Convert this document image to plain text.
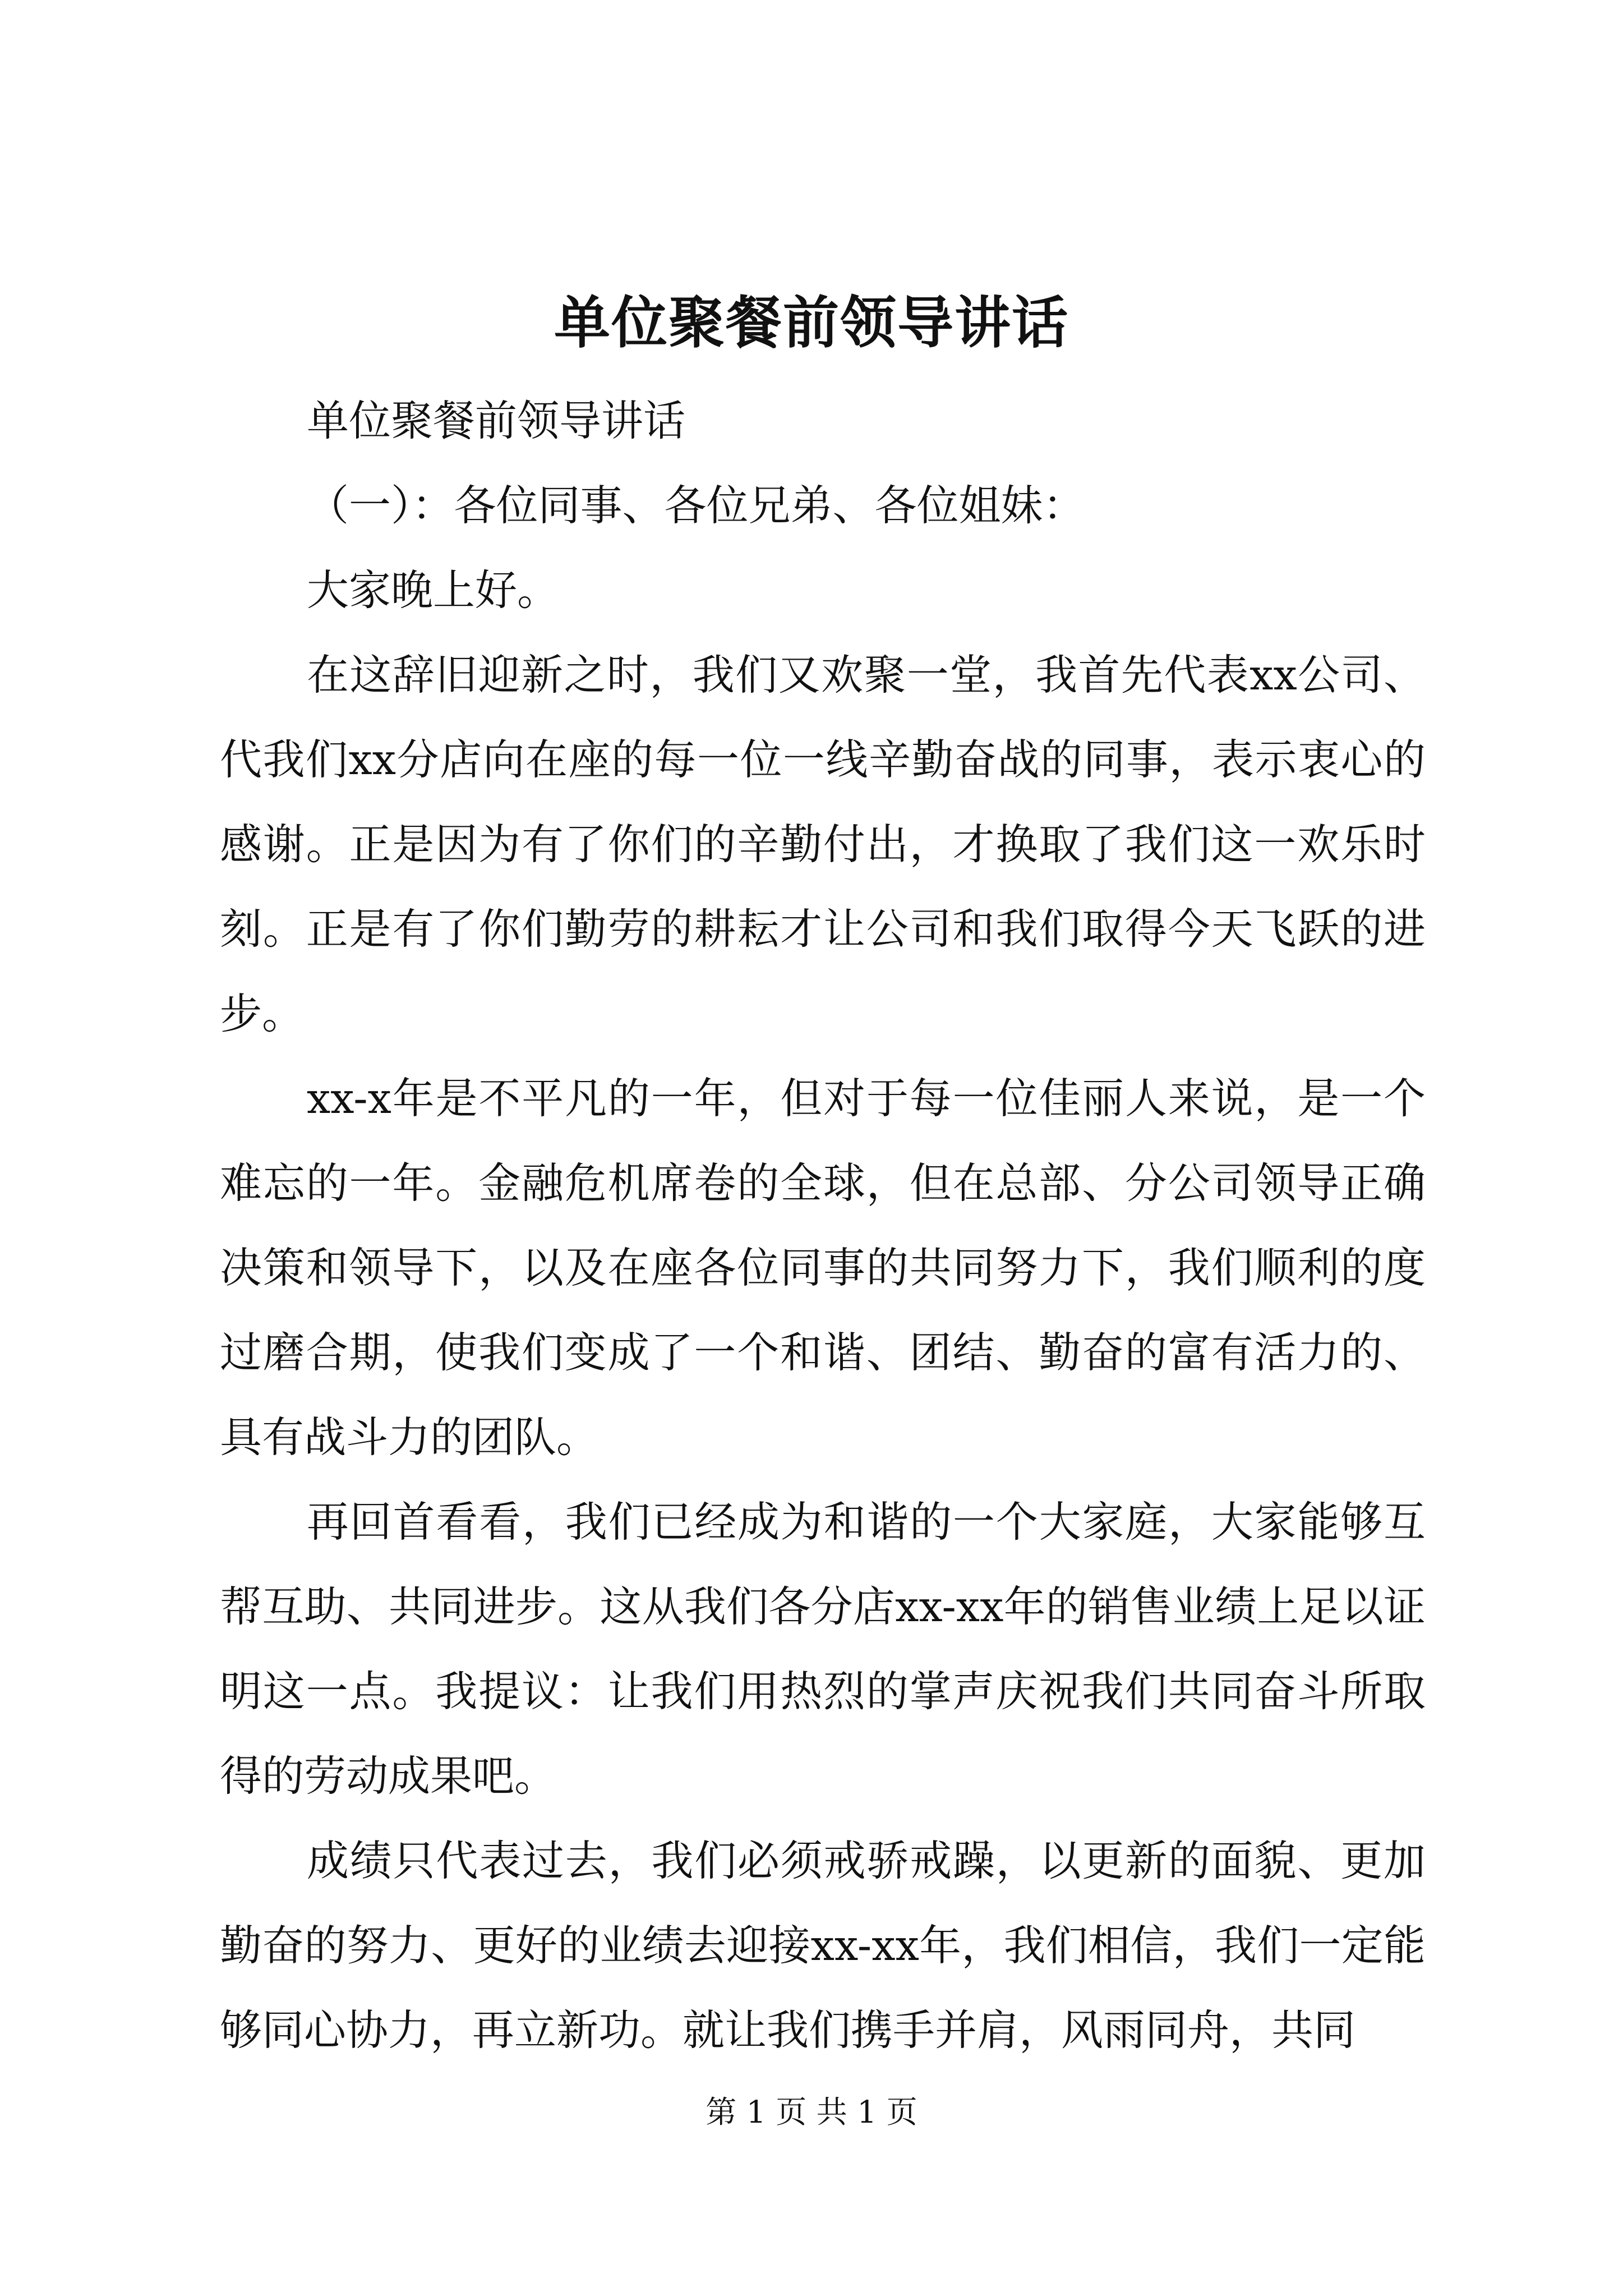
单位聚餐前领导讲话

单位聚餐前领导讲话

（一）：各位同事、各位兄弟、各位姐妹：

大家晚上好。

在这辞旧迎新之时，我们又欢聚一堂，我首先代表xx公司、代我们xx分店向在座的每一位一线辛勤奋战的同事，表示衷心的感谢。正是因为有了你们的辛勤付出，才换取了我们这一欢乐时刻。正是有了你们勤劳的耕耘才让公司和我们取得今天飞跃的进步。

xx-x年是不平凡的一年，但对于每一位佳丽人来说，是一个难忘的一年。金融危机席卷的全球，但在总部、分公司领导正确决策和领导下，以及在座各位同事的共同努力下，我们顺利的度过磨合期，使我们变成了一个和谐、团结、勤奋的富有活力的、具有战斗力的团队。

再回首看看，我们已经成为和谐的一个大家庭，大家能够互帮互助、共同进步。这从我们各分店xx-xx年的销售业绩上足以证明这一点。我提议：让我们用热烈的掌声庆祝我们共同奋斗所取得的劳动成果吧。

成绩只代表过去，我们必须戒骄戒躁，以更新的面貌、更加勤奋的努力、更好的业绩去迎接xx-xx年，我们相信，我们一定能够同心协力，再立新功。就让我们携手并肩，风雨同舟，共同

第 1 页 共 1 页
